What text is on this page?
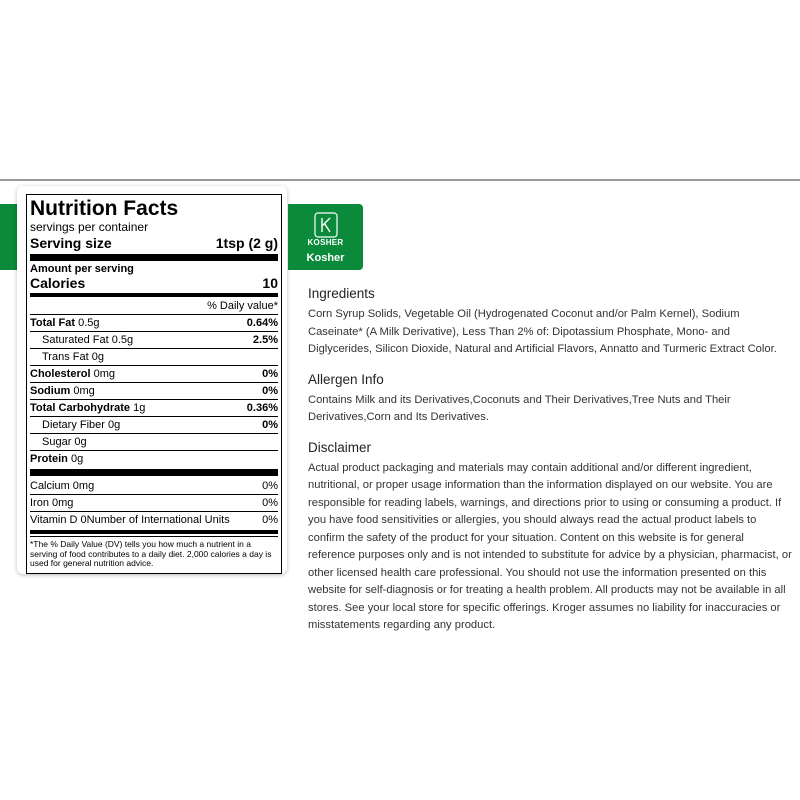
Nutrition Facts
servings per container
Serving size	1tsp (2 g)
Amount per serving
Calories	10
% Daily value*
Total Fat 0.5g	0.64%
Saturated Fat 0.5g	2.5%
Trans Fat 0g
Cholesterol 0mg	0%
Sodium 0mg	0%
Total Carbohydrate 1g	0.36%
Dietary Fiber 0g	0%
Sugar 0g
Protein 0g
Calcium 0mg	0%
Iron 0mg	0%
Vitamin D 0Number of International Units	0%
*The % Daily Value (DV) tells you how much a nutrient in a serving of food contributes to a daily diet. 2,000 calories a day is used for general nutrition advice.
KOSHER
Kosher
Ingredients

Corn Syrup Solids, Vegetable Oil (Hydrogenated Coconut and/or Palm Kernel), Sodium Caseinate* (A Milk Derivative), Less Than 2% of: Dipotassium Phosphate, Mono- and Diglycerides, Silicon Dioxide, Natural and Artificial Flavors, Annatto and Turmeric Extract Color.

Allergen Info

Contains Milk and its Derivatives,Coconuts and Their Derivatives,Tree Nuts and Their Derivatives,Corn and Its Derivatives.

Disclaimer

Actual product packaging and materials may contain additional and/or different ingredient, nutritional, or proper usage information than the information displayed on our website. You are responsible for reading labels, warnings, and directions prior to using or consuming a product. If you have food sensitivities or allergies, you should always read the actual product labels to confirm the safety of the product for your situation. Content on this website is for general reference purposes only and is not intended to substitute for advice by a physician, pharmacist, or other licensed health care professional. You should not use the information presented on this website for self-diagnosis or for treating a health problem. All products may not be available in all stores. See your local store for specific offerings. Kroger assumes no liability for inaccuracies or misstatements regarding any product.
